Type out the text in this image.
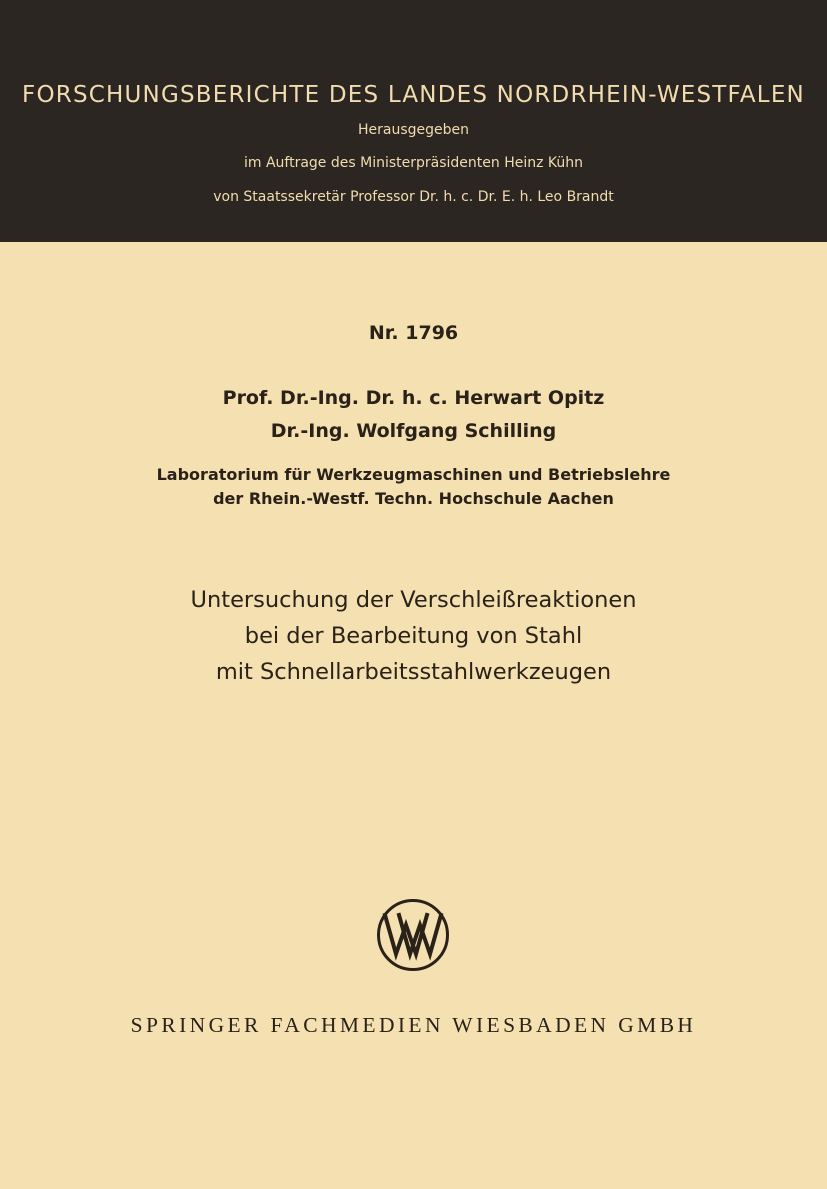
FORSCHUNGSBERICHTE DES LANDES NORDRHEIN-WESTFALEN
Herausgegeben
im Auftrage des Ministerpräsidenten Heinz Kühn
von Staatssekretär Professor Dr. h. c. Dr. E. h. Leo Brandt
Nr. 1796
Prof. Dr.-Ing. Dr. h. c. Herwart Opitz
Dr.-Ing. Wolfgang Schilling
Laboratorium für Werkzeugmaschinen und Betriebslehre
der Rhein.-Westf. Techn. Hochschule Aachen
Untersuchung der Verschleißreaktionen
bei der Bearbeitung von Stahl
mit Schnellarbeitsstahlwerkzeugen
SPRINGER FACHMEDIEN WIESBADEN GMBH
